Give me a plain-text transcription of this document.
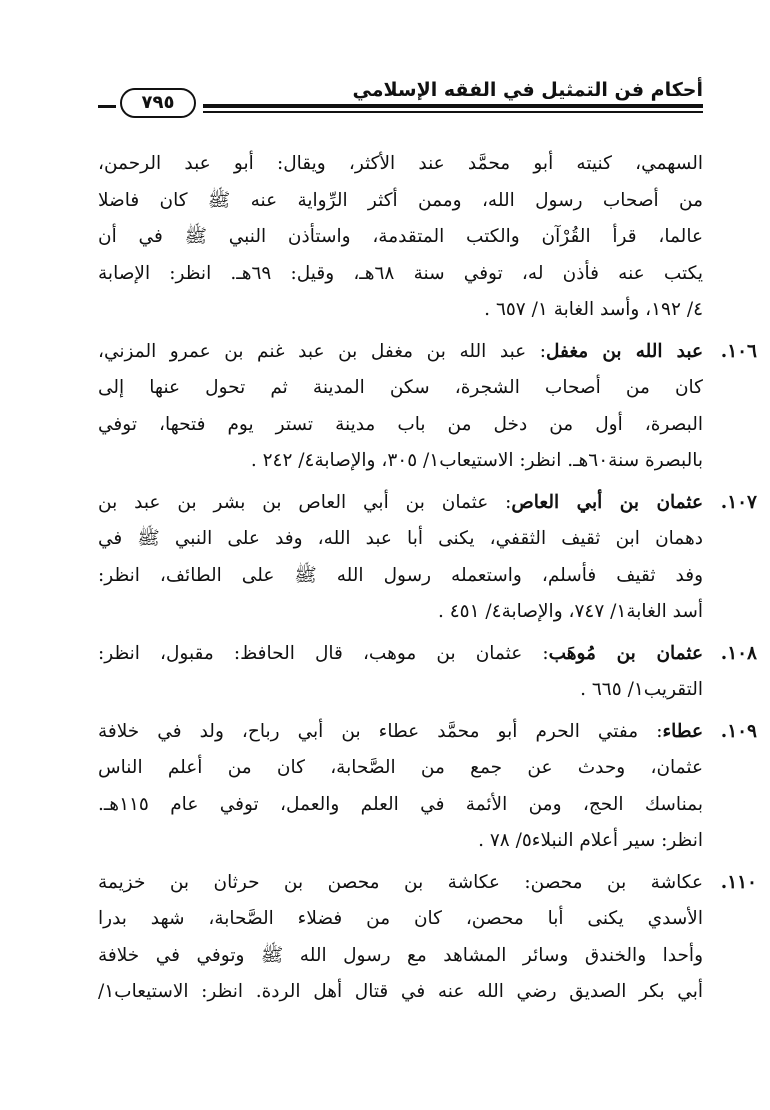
أحكام فن التمثيل في الفقه الإسلامي
٧٩٥
السهمي، كنيته أبو محمَّد عند الأكثر، ويقال: أبو عبد الرحمن،
من أصحاب رسول الله، وممن أكثر الرِّواية عنه ﷺ كان فاضلا
عالما، قرأ القُرْآن والكتب المتقدمة، واستأذن النبي ﷺ في أن
يكتب عنه فأذن له، توفي سنة ٦٨هـ، وقيل: ٦٩هـ. انظر: الإصابة
٤/ ١٩٢، وأسد الغابة ١/ ٦٥٧ .
١٠٦.
عبد الله بن مغفل: عبد الله بن مغفل بن عبد غنم بن عمرو المزني،
كان من أصحاب الشجرة، سكن المدينة ثم تحول عنها إلى
البصرة، أول من دخل من باب مدينة تستر يوم فتحها، توفي
بالبصرة سنة٦٠هـ. انظر: الاستيعاب١/ ٣٠٥، والإصابة٤/ ٢٤٢ .
١٠٧.
عثمان بن أبي العاص: عثمان بن أبي العاص بن بشر بن عبد بن
دهمان ابن ثقيف الثقفي، يكنى أبا عبد الله، وفد على النبي ﷺ في
وفد ثقيف فأسلم، واستعمله رسول الله ﷺ على الطائف، انظر:
أسد الغابة١/ ٧٤٧، والإصابة٤/ ٤٥١ .
١٠٨.
عثمان بن مُوهَب: عثمان بن موهب، قال الحافظ: مقبول، انظر:
التقريب١/ ٦٦٥ .
١٠٩.
عطاء: مفتي الحرم أبو محمَّد عطاء بن أبي رباح، ولد في خلافة
عثمان، وحدث عن جمع من الصَّحابة، كان من أعلم الناس
بمناسك الحج، ومن الأئمة في العلم والعمل، توفي عام ١١٥هـ.
انظر: سير أعلام النبلاء٥/ ٧٨ .
١١٠.
عكاشة بن محصن: عكاشة بن محصن بن حرثان بن خزيمة
الأسدي يكنى أبا محصن، كان من فضلاء الصَّحابة، شهد بدرا
وأحدا والخندق وسائر المشاهد مع رسول الله ﷺ وتوفي في خلافة
أبي بكر الصديق رضي الله عنه في قتال أهل الردة. انظر: الاستيعاب١/
